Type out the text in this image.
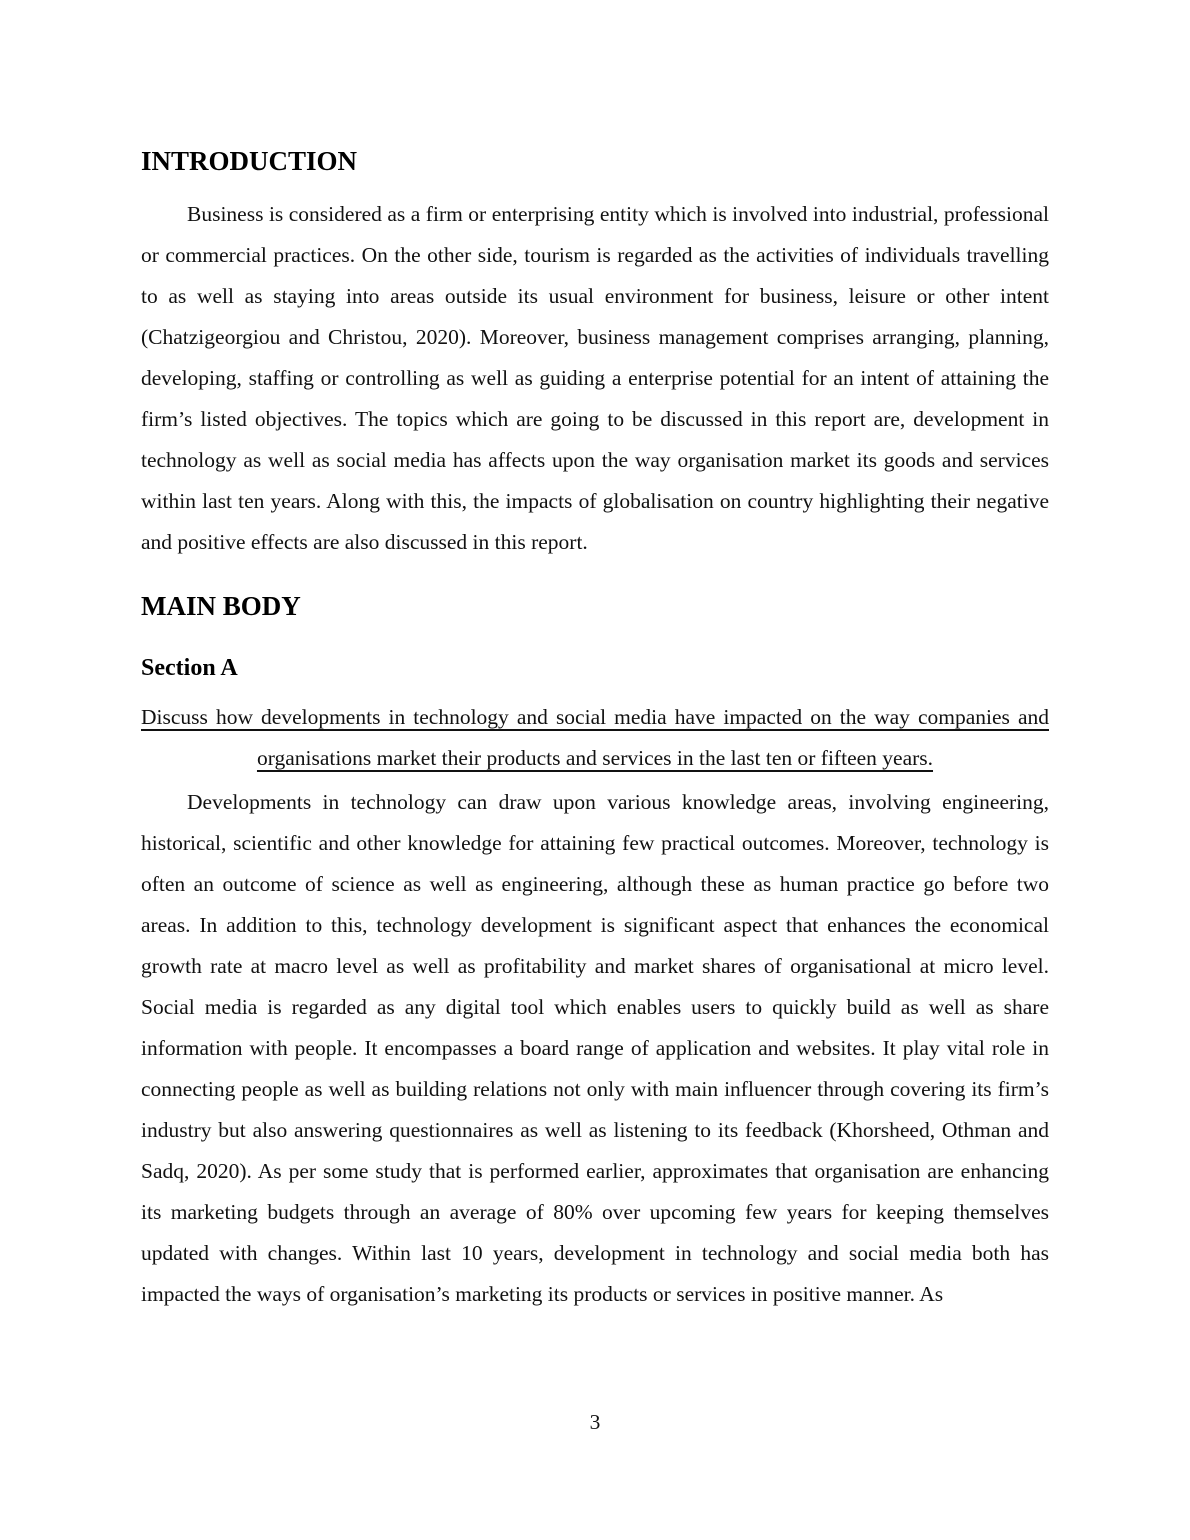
INTRODUCTION

Business is considered as a firm or enterprising entity which is involved into industrial, professional or commercial practices. On the other side, tourism is regarded as the activities of individuals travelling to as well as staying into areas outside its usual environment for business, leisure or other intent (Chatzigeorgiou and Christou, 2020). Moreover, business management comprises arranging, planning, developing, staffing or controlling as well as guiding a enterprise potential for an intent of attaining the firm’s listed objectives. The topics which are going to be discussed in this report are, development in technology as well as social media has affects upon the way organisation market its goods and services within last ten years. Along with this, the impacts of globalisation on country highlighting their negative and positive effects are also discussed in this report.

MAIN BODY
Section A
Discuss how developments in technology and social media have impacted on the way companies and organisations market their products and services in the last ten or fifteen years.

Developments in technology can draw upon various knowledge areas, involving engineering, historical, scientific and other knowledge for attaining few practical outcomes. Moreover, technology is often an outcome of science as well as engineering, although these as human practice go before two areas. In addition to this, technology development is significant aspect that enhances the economical growth rate at macro level as well as profitability and market shares of organisational at micro level. Social media is regarded as any digital tool which enables users to quickly build as well as share information with people. It encompasses a board range of application and websites. It play vital role in connecting people as well as building relations not only with main influencer through covering its firm’s industry but also answering questionnaires as well as listening to its feedback (Khorsheed, Othman and Sadq, 2020). As per some study that is performed earlier, approximates that organisation are enhancing its marketing budgets through an average of 80% over upcoming few years for keeping themselves updated with changes. Within last 10 years, development in technology and social media both has impacted the ways of organisation’s marketing its products or services in positive manner. As

3
